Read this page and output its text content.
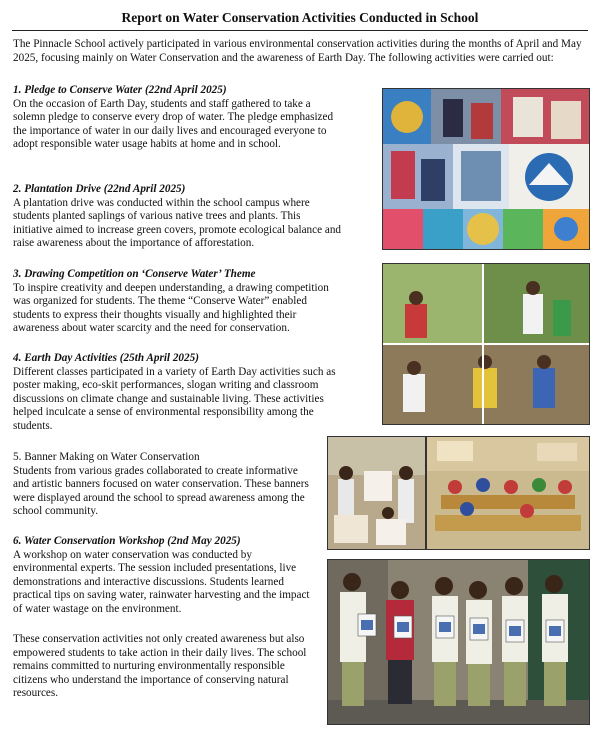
Report on Water Conservation Activities Conducted in School
The Pinnacle School actively participated in various environmental conservation activities during the months of April and May 2025, focusing mainly on Water Conservation and the awareness of Earth Day. The following activities were carried out:
1. Pledge to Conserve Water (22nd April 2025)

On the occasion of Earth Day, students and staff gathered to take a solemn pledge to conserve every drop of water. The pledge emphasized the importance of water in our daily lives and encouraged everyone to adopt responsible water usage habits at home and in school.

2. Plantation Drive (22nd April 2025)

A plantation drive was conducted within the school campus where students planted saplings of various native trees and plants. This initiative aimed to increase green covers, promote ecological balance and raise awareness about the importance of afforestation.

3. Drawing Competition on ‘Conserve Water’ Theme

To inspire creativity and deepen understanding, a drawing competition was organized for students. The theme “Conserve Water” enabled students to express their thoughts visually and highlighted their awareness about water scarcity and the need for conservation.

4. Earth Day Activities (25th April 2025)

Different classes participated in a variety of Earth Day activities such as poster making, eco-skit performances, slogan writing and classroom discussions on climate change and sustainable living. These activities helped inculcate a sense of environmental responsibility among the students.

5. Banner Making on Water Conservation

Students from various grades collaborated to create informative and artistic banners focused on water conservation. These banners were displayed around the school to spread awareness among the school community.

6. Water Conservation Workshop (2nd May 2025)

A workshop on water conservation was conducted by environmental experts. The session included presentations, live demonstrations and interactive discussions. Students learned practical tips on saving water, rainwater harvesting and the impact of water wastage on the environment.

These conservation activities not only created awareness but also empowered students to take action in their daily lives. The school remains committed to nurturing environmentally responsible citizens who understand the importance of conserving natural resources.
